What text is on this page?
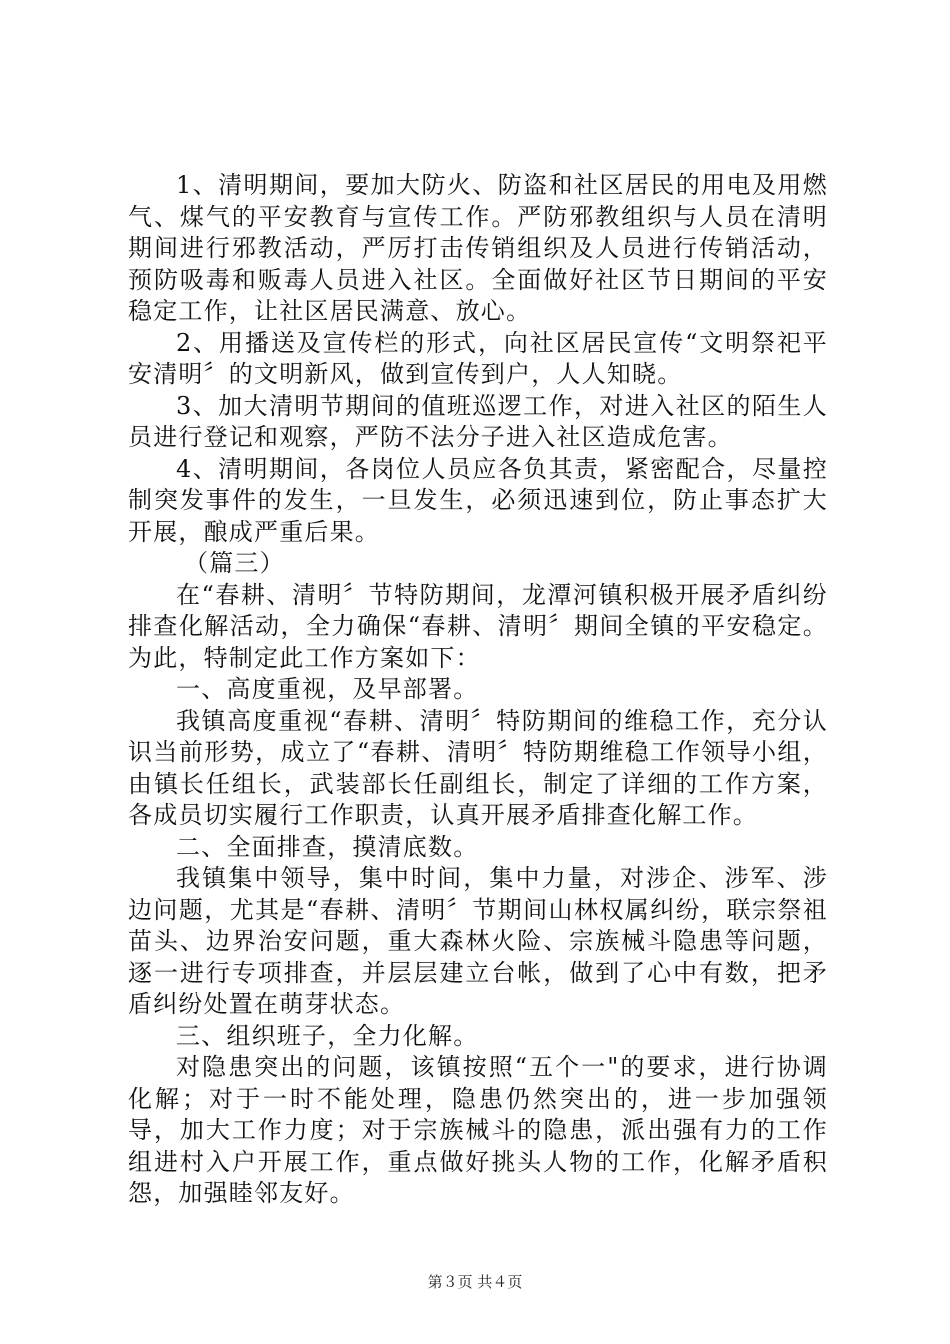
1、清明期间，要加大防火、防盗和社区居民的用电及用燃气、煤气的平安教育与宣传工作。严防邪教组织与人员在清明期间进行邪教活动，严厉打击传销组织及人员进行传销活动，预防吸毒和贩毒人员进入社区。全面做好社区节日期间的平安稳定工作，让社区居民满意、放心。

2、用播送及宣传栏的形式，向社区居民宣传“文明祭祀平安清明〞的文明新风，做到宣传到户，人人知晓。

3、加大清明节期间的值班巡逻工作，对进入社区的陌生人员进行登记和观察，严防不法分子进入社区造成危害。

4、清明期间，各岗位人员应各负其责，紧密配合，尽量控制突发事件的发生，一旦发生，必须迅速到位，防止事态扩大开展，酿成严重后果。

（篇三）

在“春耕、清明〞节特防期间，龙潭河镇积极开展矛盾纠纷排查化解活动，全力确保“春耕、清明〞期间全镇的平安稳定。为此，特制定此工作方案如下：

一、高度重视，及早部署。

我镇高度重视“春耕、清明〞特防期间的维稳工作，充分认识当前形势，成立了“春耕、清明〞特防期维稳工作领导小组，由镇长任组长，武装部长任副组长，制定了详细的工作方案，各成员切实履行工作职责，认真开展矛盾排查化解工作。

二、全面排查，摸清底数。

我镇集中领导，集中时间，集中力量，对涉企、涉军、涉边问题，尤其是“春耕、清明〞节期间山林权属纠纷，联宗祭祖苗头、边界治安问题，重大森林火险、宗族械斗隐患等问题，逐一进行专项排查，并层层建立台帐，做到了心中有数，把矛盾纠纷处置在萌芽状态。

三、组织班子，全力化解。

对隐患突出的问题，该镇按照“五个一"的要求，进行协调化解；对于一时不能处理，隐患仍然突出的，进一步加强领导，加大工作力度；对于宗族械斗的隐患，派出强有力的工作组进村入户开展工作，重点做好挑头人物的工作，化解矛盾积怨，加强睦邻友好。

第３页 共４页
